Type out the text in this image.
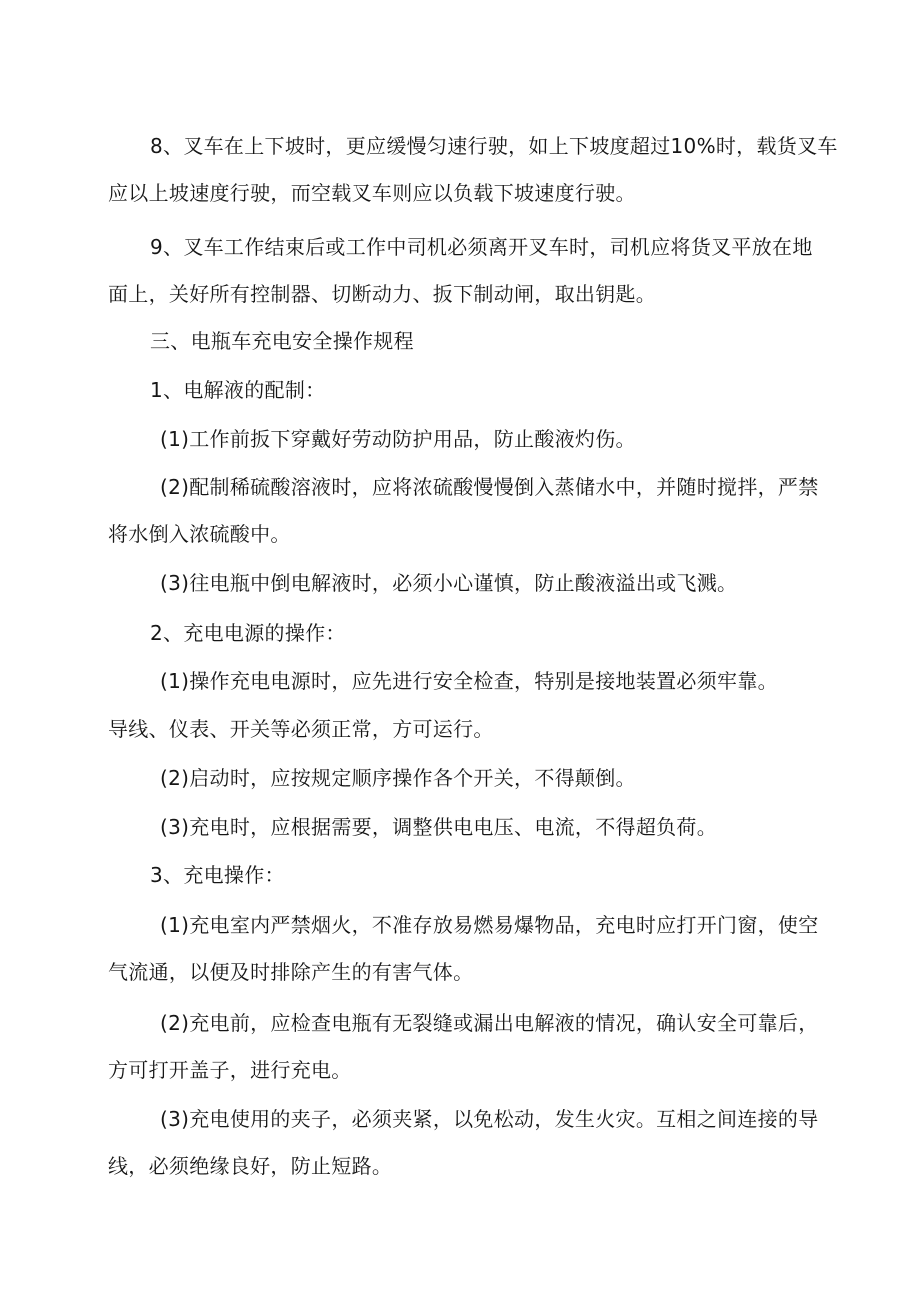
8、叉车在上下坡时，更应缓慢匀速行驶，如上下坡度超过10%时，载货叉车
应以上坡速度行驶，而空载叉车则应以负载下坡速度行驶。
9、叉车工作结束后或工作中司机必须离开叉车时，司机应将货叉平放在地
面上，关好所有控制器、切断动力、扳下制动闸，取出钥匙。
三、电瓶车充电安全操作规程
1、电解液的配制：
(1)工作前扳下穿戴好劳动防护用品，防止酸液灼伤。
(2)配制稀硫酸溶液时，应将浓硫酸慢慢倒入蒸储水中，并随时搅拌，严禁
将水倒入浓硫酸中。
(3)往电瓶中倒电解液时，必须小心谨慎，防止酸液溢出或飞溅。
2、充电电源的操作：
(1)操作充电电源时，应先进行安全检查，特别是接地装置必须牢靠。
导线、仪表、开关等必须正常，方可运行。
(2)启动时，应按规定顺序操作各个开关，不得颠倒。
(3)充电时，应根据需要，调整供电电压、电流，不得超负荷。
3、充电操作：
(1)充电室内严禁烟火，不准存放易燃易爆物品，充电时应打开门窗，使空
气流通，以便及时排除产生的有害气体。
(2)充电前，应检查电瓶有无裂缝或漏出电解液的情况，确认安全可靠后，
方可打开盖子，进行充电。
(3)充电使用的夹子，必须夹紧，以免松动，发生火灾。互相之间连接的导
线，必须绝缘良好，防止短路。
